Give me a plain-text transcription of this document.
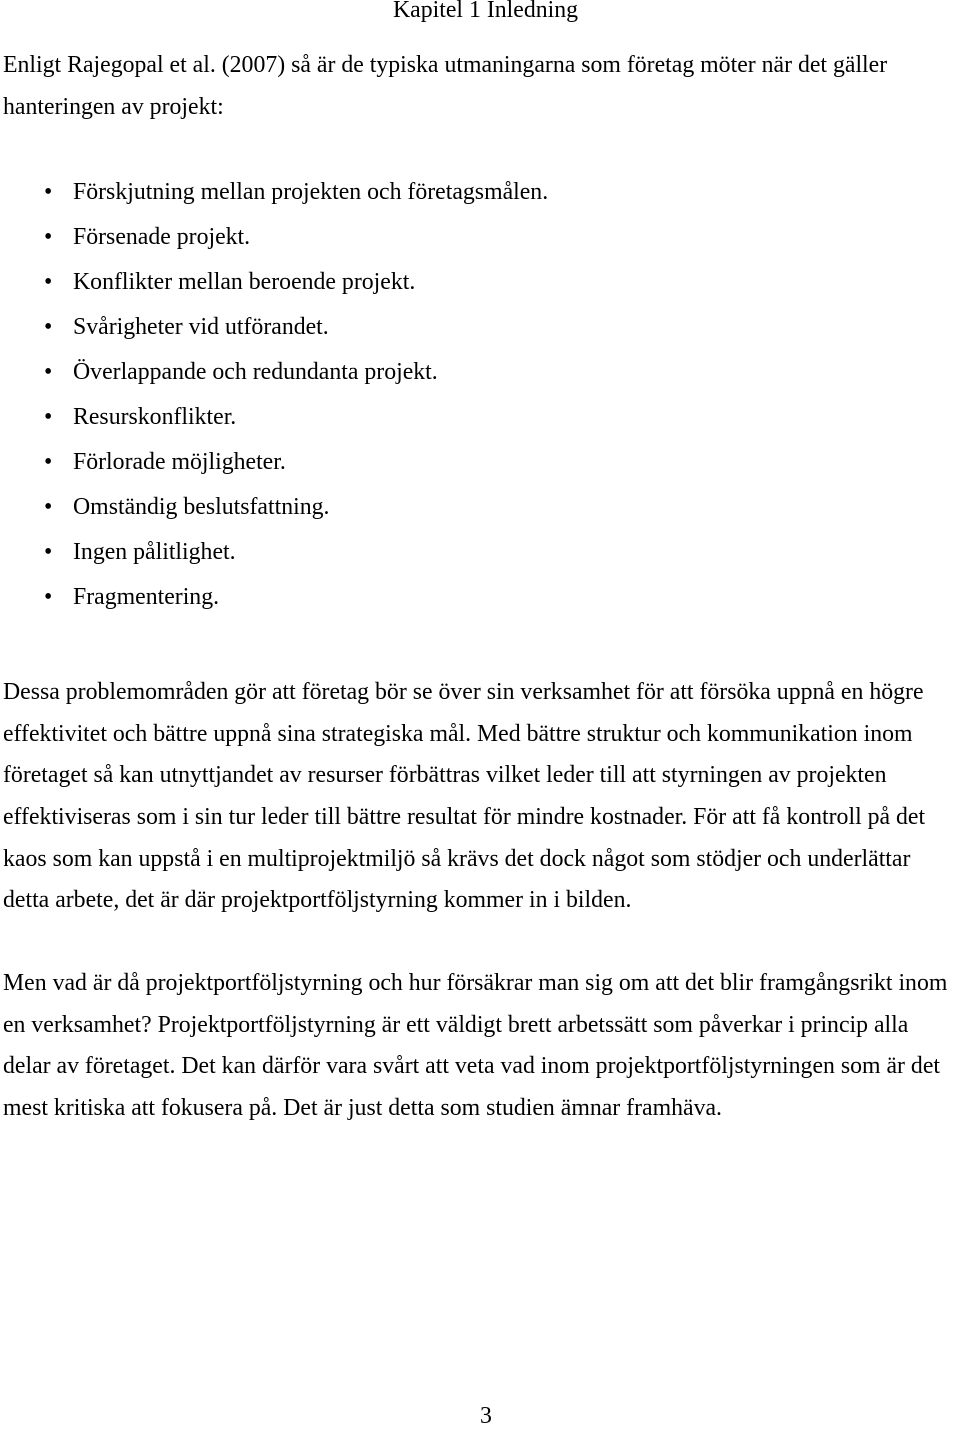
Kapitel 1 Inledning
Enligt Rajegopal et al. (2007) så är de typiska utmaningarna som företag möter när det gäller
hanteringen av projekt:
• Förskjutning mellan projekten och företagsmålen.
• Försenade projekt.
• Konflikter mellan beroende projekt.
• Svårigheter vid utförandet.
• Överlappande och redundanta projekt.
• Resurskonflikter.
• Förlorade möjligheter.
• Omständig beslutsfattning.
• Ingen pålitlighet.
• Fragmentering.
Dessa problemområden gör att företag bör se över sin verksamhet för att försöka uppnå en högre
effektivitet och bättre uppnå sina strategiska mål. Med bättre struktur och kommunikation inom
företaget så kan utnyttjandet av resurser förbättras vilket leder till att styrningen av projekten
effektiviseras som i sin tur leder till bättre resultat för mindre kostnader. För att få kontroll på det
kaos som kan uppstå i en multiprojektmiljö så krävs det dock något som stödjer och underlättar
detta arbete, det är där projektportföljstyrning kommer in i bilden.
Men vad är då projektportföljstyrning och hur försäkrar man sig om att det blir framgångsrikt inom
en verksamhet? Projektportföljstyrning är ett väldigt brett arbetssätt som påverkar i princip alla
delar av företaget. Det kan därför vara svårt att veta vad inom projektportföljstyrningen som är det
mest kritiska att fokusera på. Det är just detta som studien ämnar framhäva.
3
